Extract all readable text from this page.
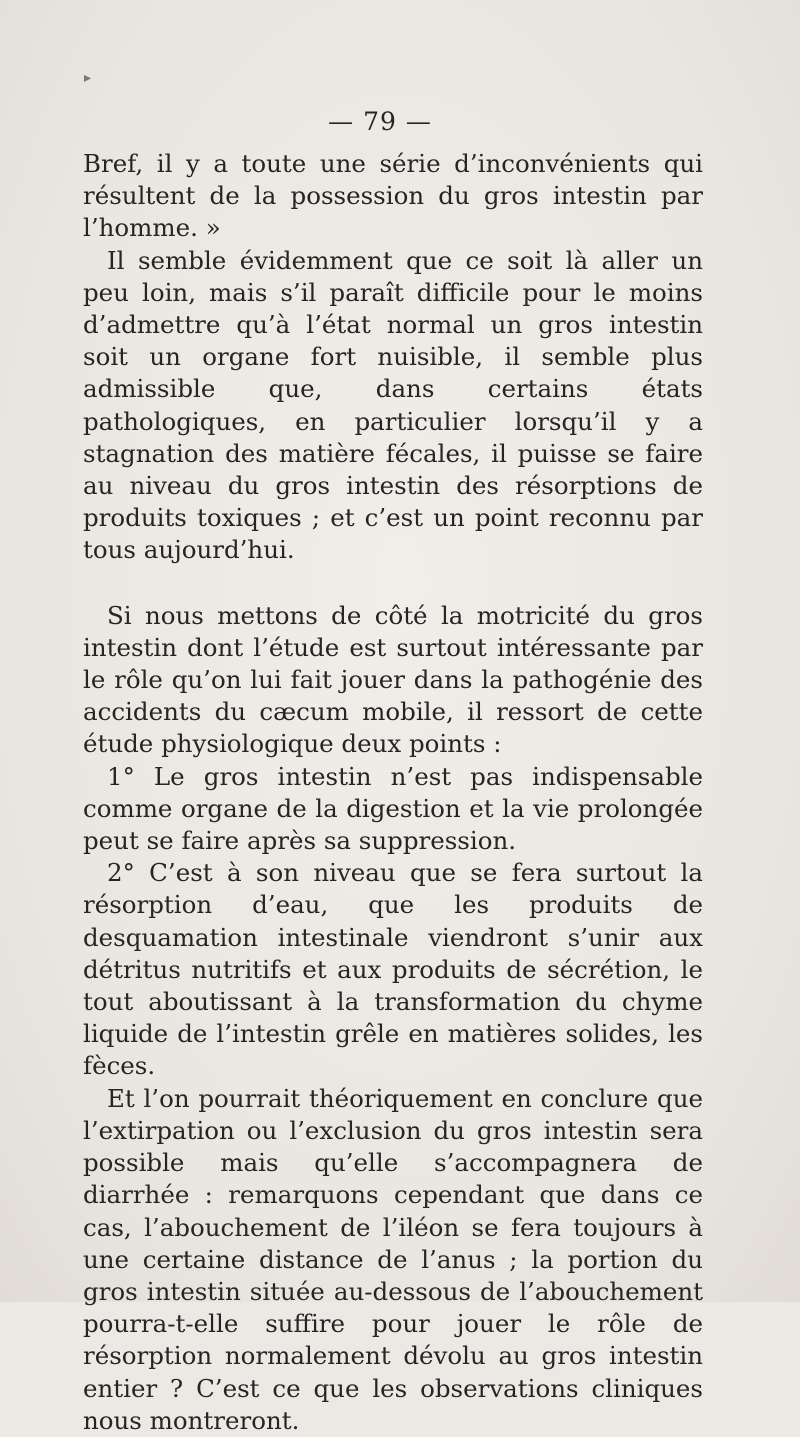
▸
— 79 —

Bref, il y a toute une série d’inconvénients qui résultent de la possession du gros intestin par l’homme. »

Il semble évidemment que ce soit là aller un peu loin, mais s’il paraît difficile pour le moins d’admettre qu’à l’état normal un gros intestin soit un organe fort nuisible, il semble plus admissible que, dans certains états pathologiques, en particulier lorsqu’il y a stagnation des matière fécales, il puisse se faire au niveau du gros intestin des résorptions de produits toxiques ; et c’est un point reconnu par tous aujourd’hui.

Si nous mettons de côté la motricité du gros intestin dont l’étude est surtout intéressante par le rôle qu’on lui fait jouer dans la pathogénie des accidents du cæcum mobile, il ressort de cette étude physiologique deux points :

1° Le gros intestin n’est pas indispensable comme organe de la digestion et la vie prolongée peut se faire après sa suppression.

2° C’est à son niveau que se fera surtout la résorption d’eau, que les produits de desquamation intestinale viendront s’unir aux détritus nutritifs et aux produits de sécrétion, le tout aboutissant à la transformation du chyme liquide de l’intestin grêle en matières solides, les fèces.

Et l’on pourrait théoriquement en conclure que l’extirpation ou l’exclusion du gros intestin sera possible mais qu’elle s’accompagnera de diarrhée : remarquons cependant que dans ce cas, l’abouchement de l’iléon se fera toujours à une certaine distance de l’anus ; la portion du gros intestin située au-dessous de l’abouchement pourra-t-elle suffire pour jouer le rôle de résorption normalement dévolu au gros intestin entier ? C’est ce que les observations cliniques nous montreront.
